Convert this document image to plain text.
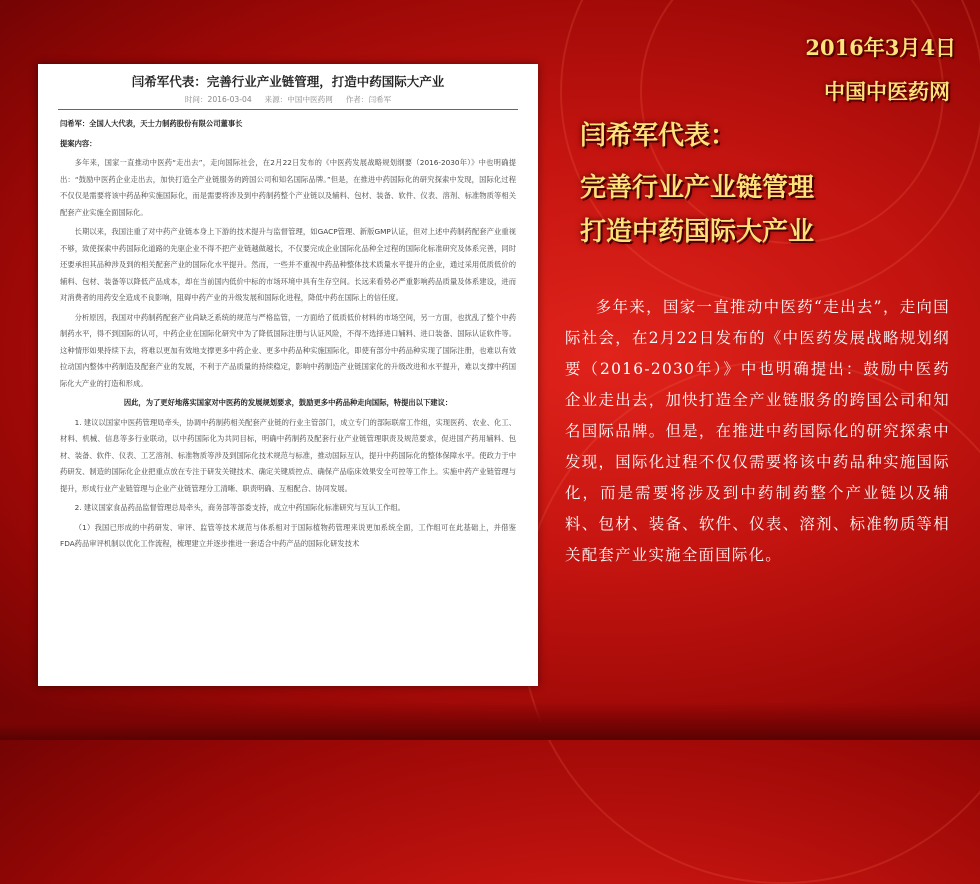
2016年3月4日
中国中医药网
闫希军代表：
完善行业产业链管理
打造中药国际大产业

多年来，国家一直推动中医药“走出去”，走向国际社会，在2月22日发布的《中医药发展战略规划纲要（2016-2030年）》中也明确提出：鼓励中医药企业走出去，加快打造全产业链服务的跨国公司和知名国际品牌。但是，在推进中药国际化的研究探索中发现，国际化过程不仅仅需要将该中药品种实施国际化，而是需要将涉及到中药制药整个产业链以及辅料、包材、装备、软件、仪表、溶剂、标准物质等相关配套产业实施全面国际化。

闫希军代表：完善行业产业链管理，打造中药国际大产业
时间：2016-03-04 来源：中国中医药网 作者：闫希军

闫希军：全国人大代表，天士力制药股份有限公司董事长

提案内容：

多年来，国家一直推动中医药“走出去”，走向国际社会，在2月22日发布的《中医药发展战略规划纲要（2016-2030年）》中也明确提出：“鼓励中医药企业走出去，加快打造全产业链服务的跨国公司和知名国际品牌。”但是，在推进中药国际化的研究探索中发现，国际化过程不仅仅是需要将该中药品种实施国际化，而是需要将涉及到中药制药整个产业链以及辅料、包材、装备、软件、仪表、溶剂、标准物质等相关配套产业实施全面国际化。

长期以来，我国注重了对中药产业链本身上下游的技术提升与监督管理，如GACP管理、新版GMP认证，但对上述中药制药配套产业重视不够，致使探索中药国际化道路的先驱企业不得不把产业链越做越长，不仅要完成企业国际化品种全过程的国际化标准研究及体系完善，同时还要承担其品种涉及到的相关配套产业的国际化水平提升。然而，一些并不重视中药品种整体技术质量水平提升的企业，通过采用低质低价的辅料、包材、装备等以降低产品成本，却在当前国内低价中标的市场环境中具有生存空间。长远来看势必严重影响药品质量及体系建设，进而对消费者的用药安全造成不良影响，阻碍中药产业的升级发展和国际化进程，降低中药在国际上的信任度。

分析原因，我国对中药制药配套产业尚缺乏系统的规范与严格监管，一方面给了低质低价材料的市场空间，另一方面，也扰乱了整个中药制药水平，得不到国际的认可，中药企业在国际化研究中为了降低国际注册与认证风险，不得不选择进口辅料、进口装备、国际认证软件等。这种情形如果持续下去，将难以更加有效地支撑更多中药企业、更多中药品种实施国际化，即使有部分中药品种实现了国际注册，也难以有效拉动国内整体中药制造及配套产业的发展，不利于产品质量的持续稳定，影响中药制造产业链国家化的升级改进和水平提升，难以支撑中药国际化大产业的打造和形成。

因此，为了更好地落实国家对中医药的发展规划要求，鼓励更多中药品种走向国际，特提出以下建议：

1. 建议以国家中医药管理局牵头，协调中药制药相关配套产业链的行业主管部门，成立专门的部际联席工作组，实现医药、农业、化工、材料、机械、信息等多行业联动，以中药国际化为共同目标，明确中药制药及配套行业产业链管理职责及规范要求，促进国产药用辅料、包材、装备、软件、仪表、工艺溶剂、标准物质等涉及到国际化技术规范与标准，推动国际互认，提升中药国际化的整体保障水平。使政力于中药研发、制造的国际化企业把重点放在专注于研发关键技术、确定关键质控点、确保产品临床效果安全可控等工作上。实施中药产业链管理与提升，形成行业产业链管理与企业产业链管理分工清晰、职责明确、互相配合、协同发展。

2. 建议国家食品药品监督管理总局牵头，商务部等部委支持，成立中药国际化标准研究与互认工作组。

（1）我国已形成的中药研发、审评、监管等技术规范与体系相对于国际植物药管理来说更加系统全面，工作组可在此基础上，并借鉴FDA药品审评机制以优化工作流程，梳理建立并逐步推进一套适合中药产品的国际化研发技术
